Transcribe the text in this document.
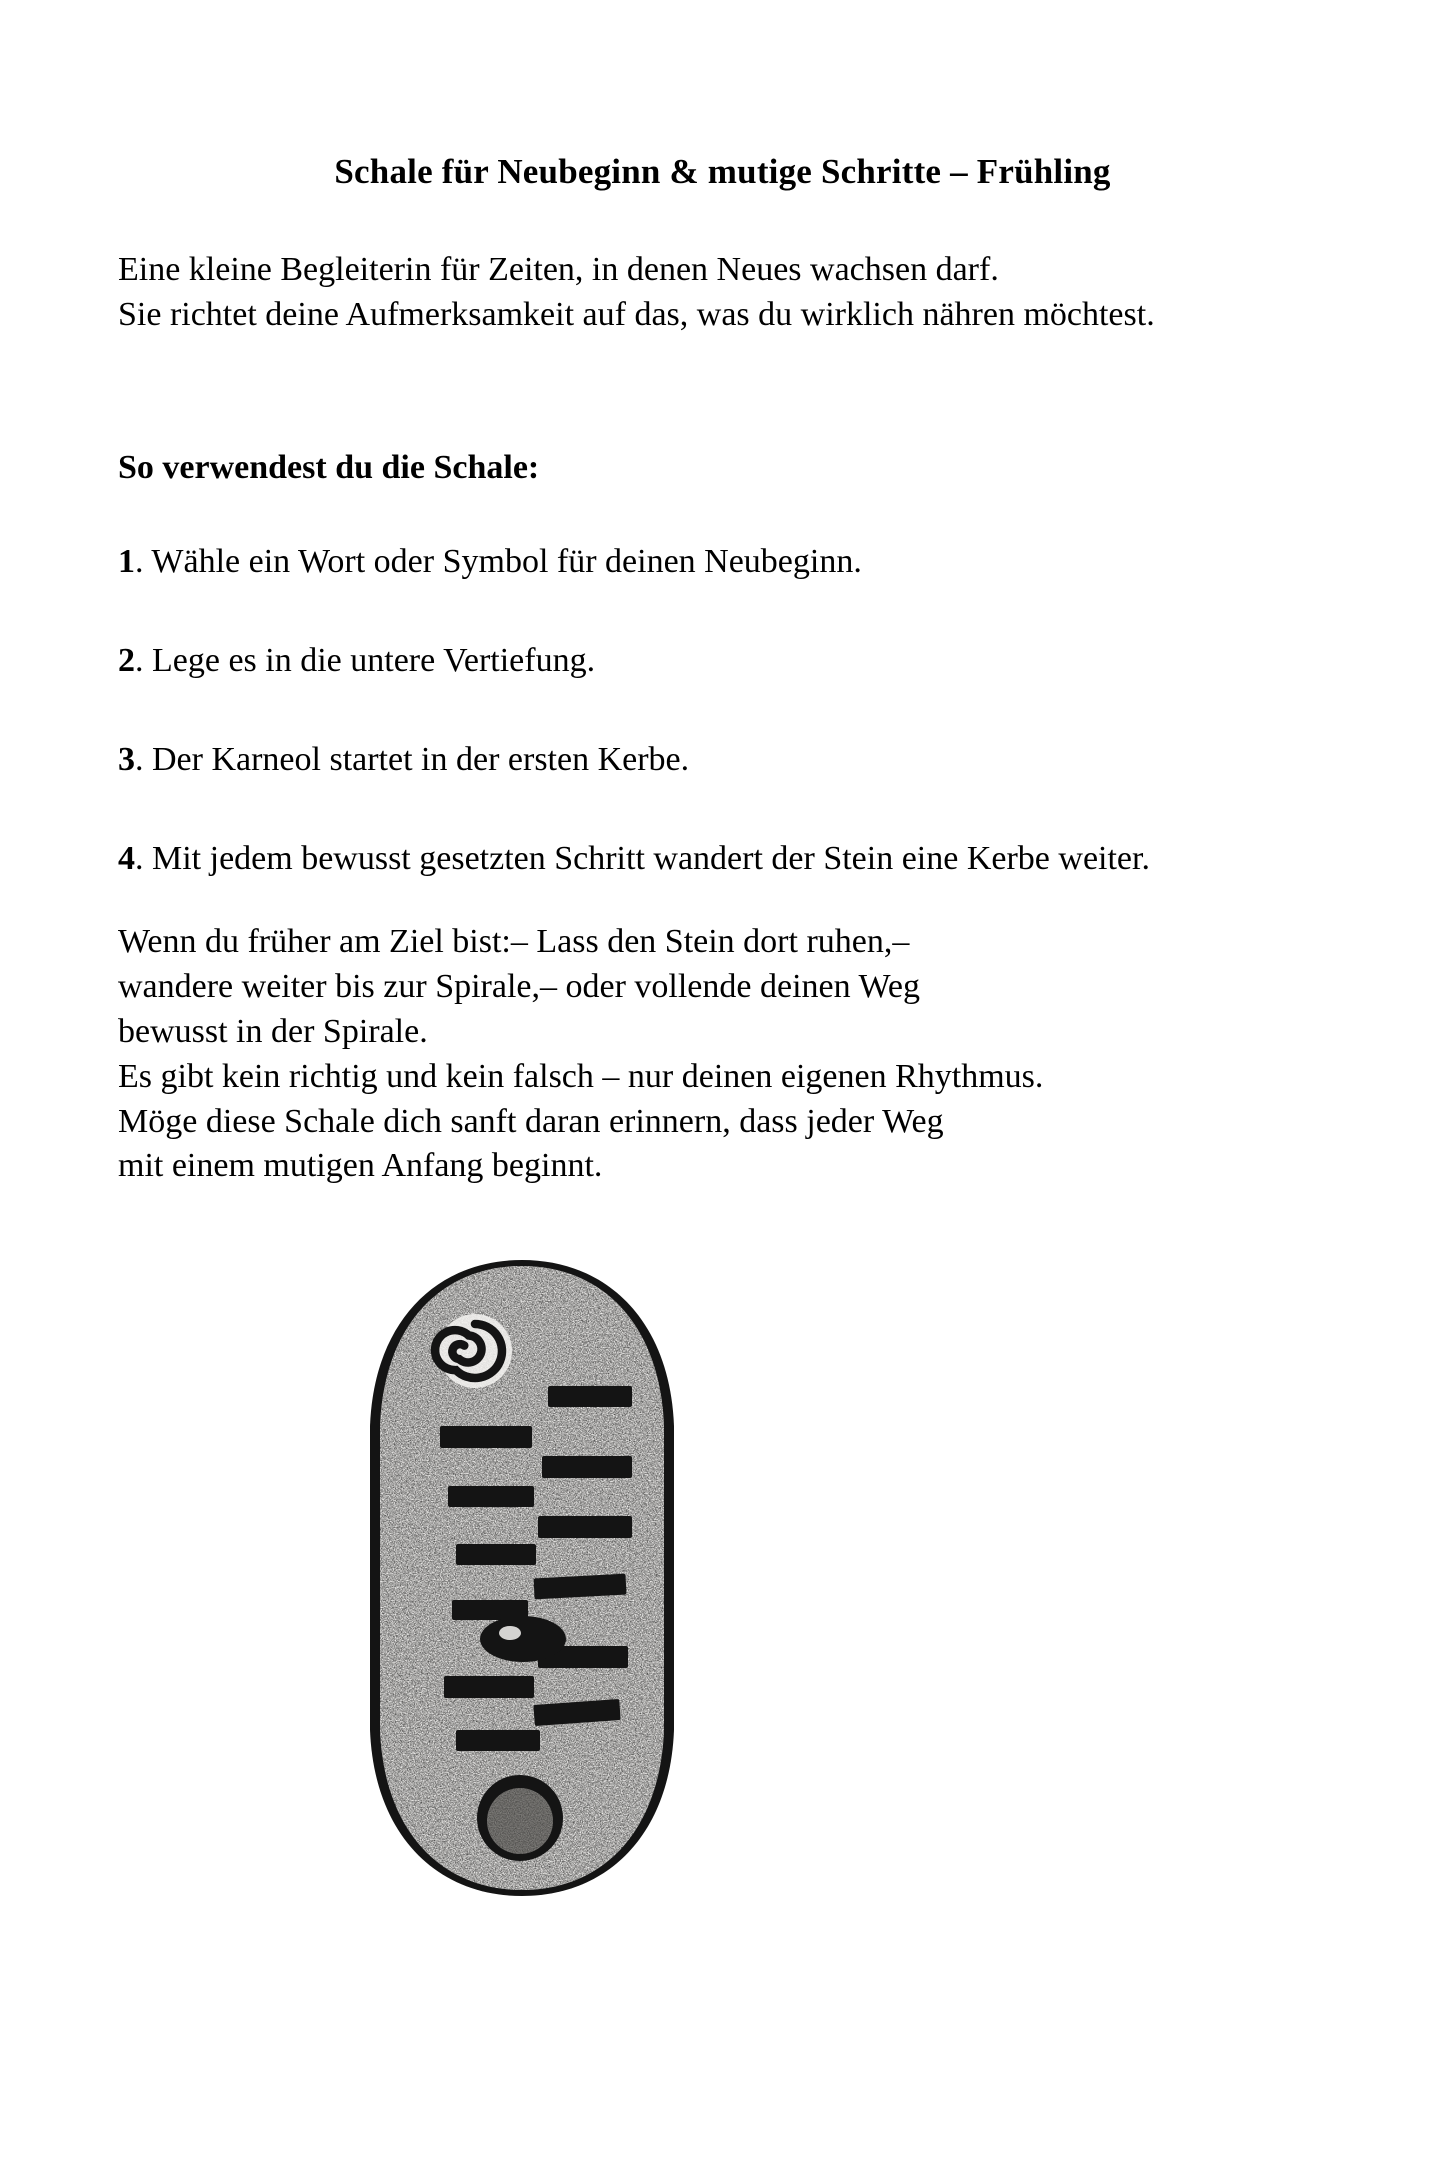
Schale für Neubeginn & mutige Schritte – Frühling
Eine kleine Begleiterin für Zeiten, in denen Neues wachsen darf.
Sie richtet deine Aufmerksamkeit auf das, was du wirklich nähren möchtest.
So verwendest du die Schale:
1. Wähle ein Wort oder Symbol für deinen Neubeginn.
2. Lege es in die untere Vertiefung.
3. Der Karneol startet in der ersten Kerbe.
4. Mit jedem bewusst gesetzten Schritt wandert der Stein eine Kerbe weiter.
Wenn du früher am Ziel bist:– Lass den Stein dort ruhen,–
wandere weiter bis zur Spirale,– oder vollende deinen Weg
bewusst in der Spirale.
Es gibt kein richtig und kein falsch – nur deinen eigenen Rhythmus.
Möge diese Schale dich sanft daran erinnern, dass jeder Weg
mit einem mutigen Anfang beginnt.
